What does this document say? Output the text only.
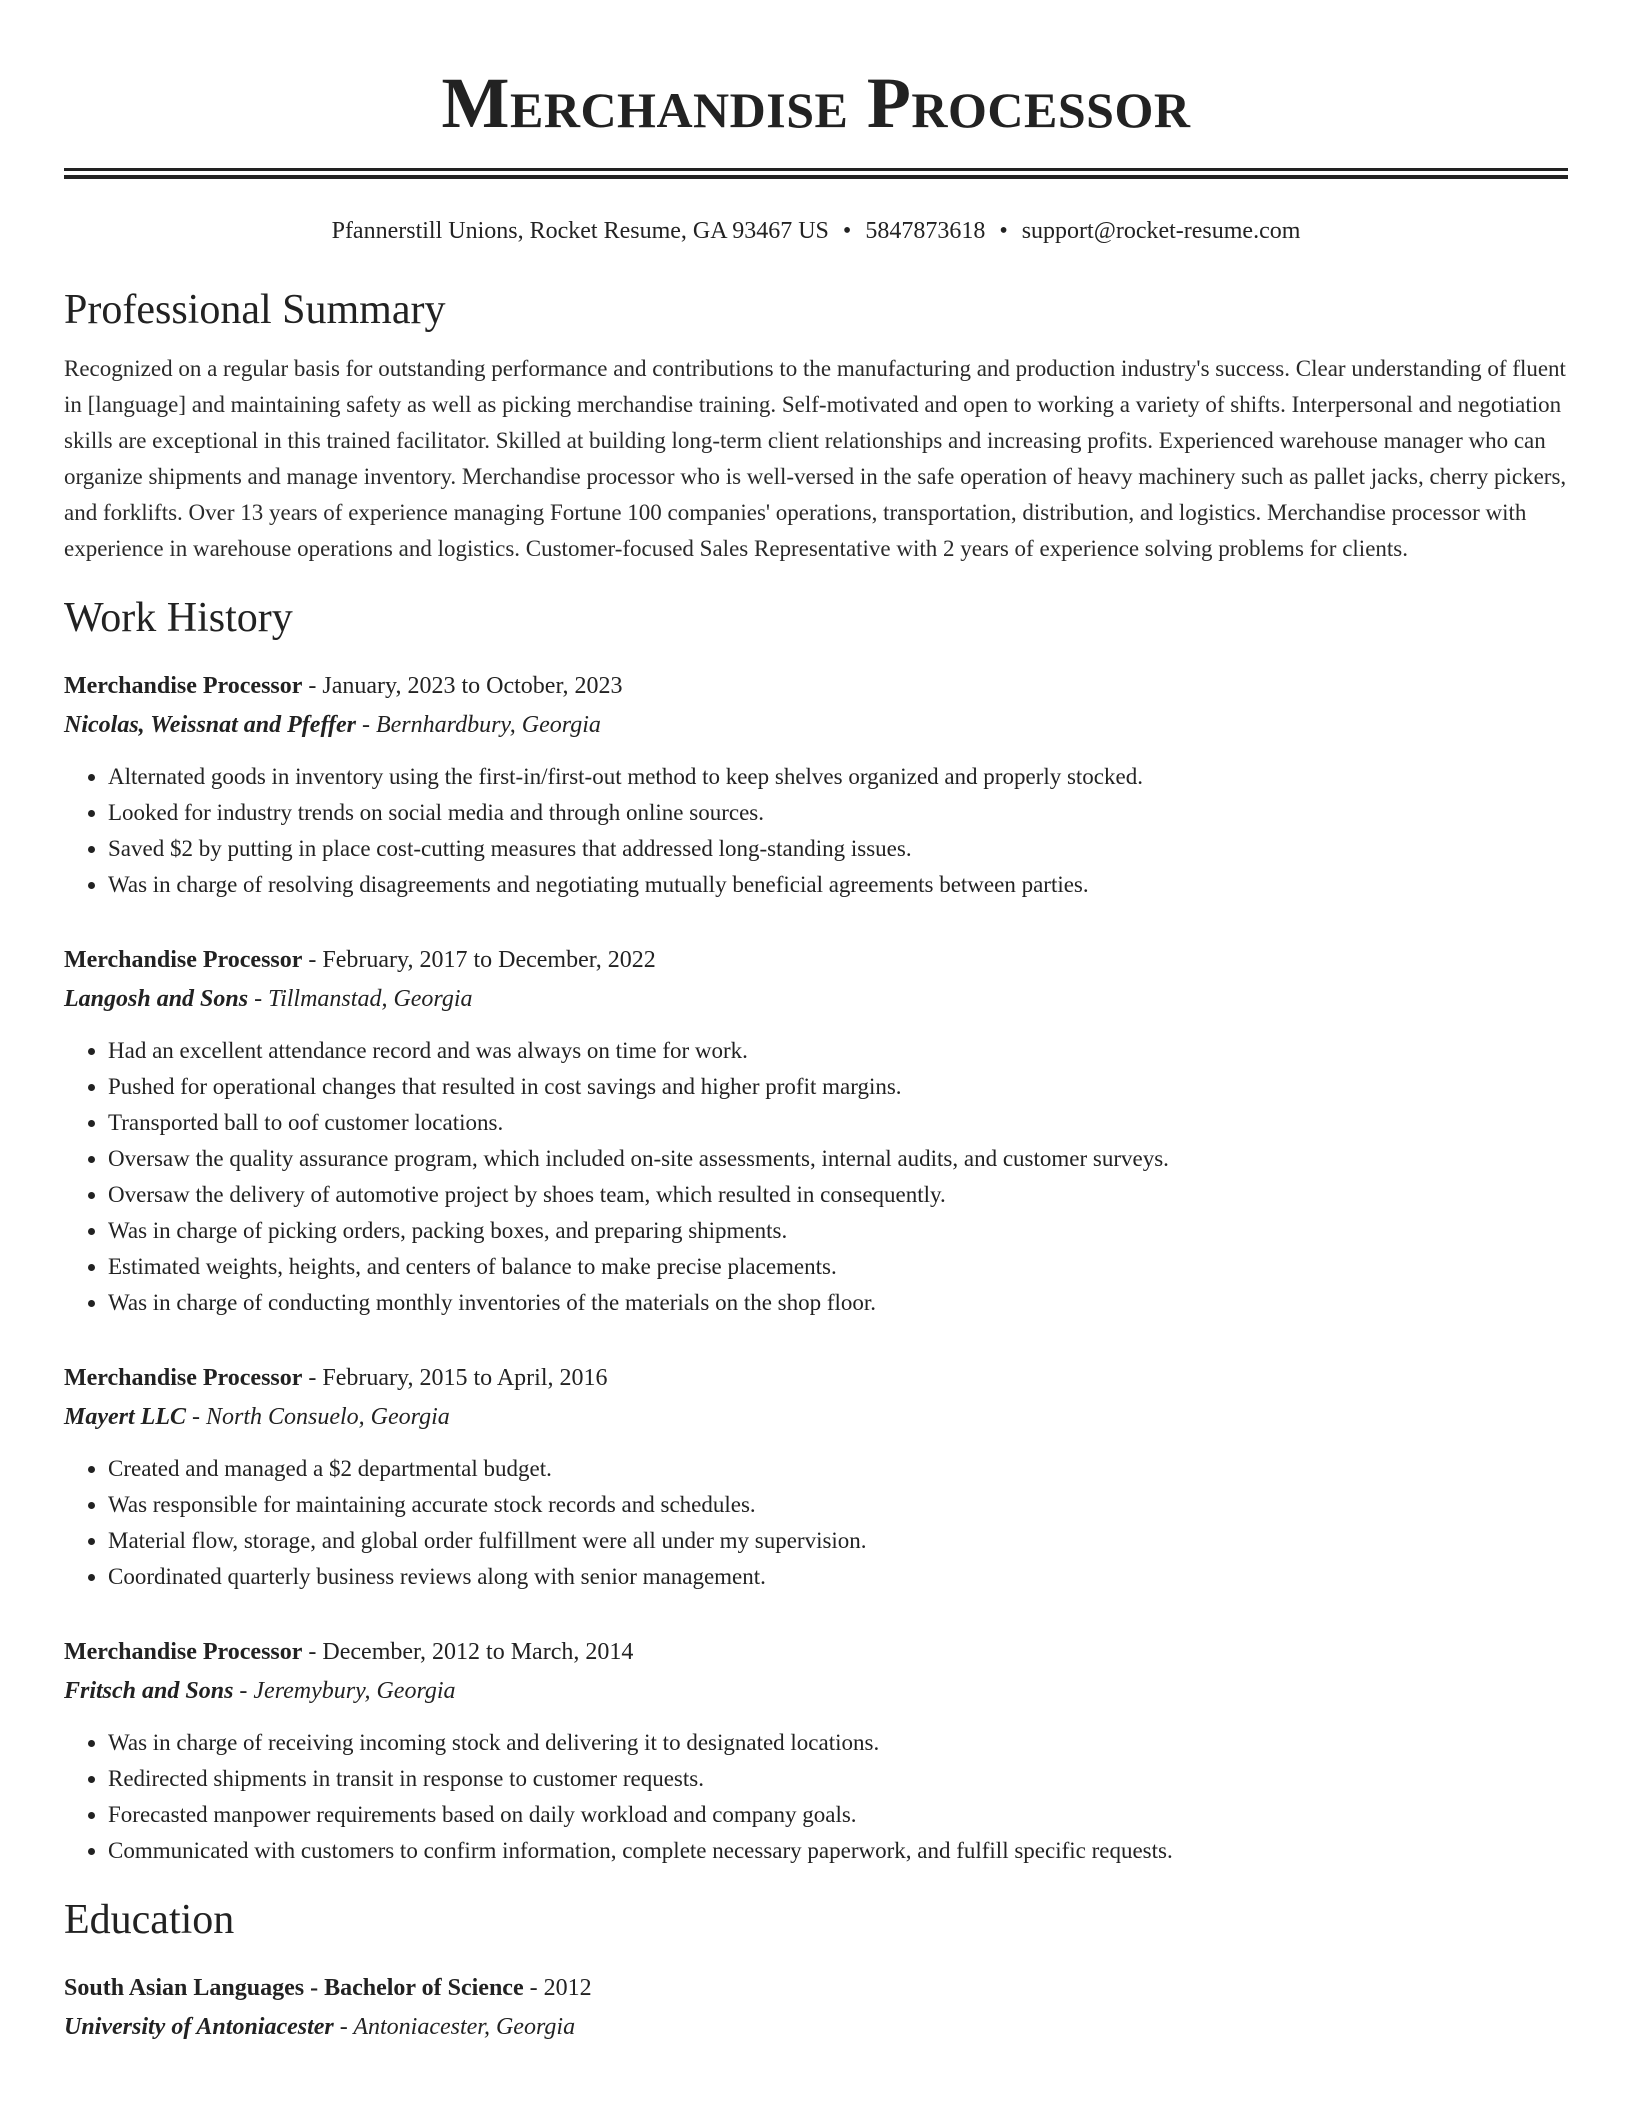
Merchandise Processor
Pfannerstill Unions, Rocket Resume, GA 93467 US • 5847873618 • support@rocket-resume.com
Professional Summary
Recognized on a regular basis for outstanding performance and contributions to the manufacturing and production industry's success. Clear understanding of fluent in [language] and maintaining safety as well as picking merchandise training. Self-motivated and open to working a variety of shifts. Interpersonal and negotiation skills are exceptional in this trained facilitator. Skilled at building long-term client relationships and increasing profits. Experienced warehouse manager who can organize shipments and manage inventory. Merchandise processor who is well-versed in the safe operation of heavy machinery such as pallet jacks, cherry pickers, and forklifts. Over 13 years of experience managing Fortune 100 companies' operations, transportation, distribution, and logistics. Merchandise processor with experience in warehouse operations and logistics. Customer-focused Sales Representative with 2 years of experience solving problems for clients.
Work History
Merchandise Processor - January, 2023 to October, 2023
Nicolas, Weissnat and Pfeffer - Bernhardbury, Georgia
• Alternated goods in inventory using the first-in/first-out method to keep shelves organized and properly stocked.
• Looked for industry trends on social media and through online sources.
• Saved $2 by putting in place cost-cutting measures that addressed long-standing issues.
• Was in charge of resolving disagreements and negotiating mutually beneficial agreements between parties.
Merchandise Processor - February, 2017 to December, 2022
Langosh and Sons - Tillmanstad, Georgia
• Had an excellent attendance record and was always on time for work.
• Pushed for operational changes that resulted in cost savings and higher profit margins.
• Transported ball to oof customer locations.
• Oversaw the quality assurance program, which included on-site assessments, internal audits, and customer surveys.
• Oversaw the delivery of automotive project by shoes team, which resulted in consequently.
• Was in charge of picking orders, packing boxes, and preparing shipments.
• Estimated weights, heights, and centers of balance to make precise placements.
• Was in charge of conducting monthly inventories of the materials on the shop floor.
Merchandise Processor - February, 2015 to April, 2016
Mayert LLC - North Consuelo, Georgia
• Created and managed a $2 departmental budget.
• Was responsible for maintaining accurate stock records and schedules.
• Material flow, storage, and global order fulfillment were all under my supervision.
• Coordinated quarterly business reviews along with senior management.
Merchandise Processor - December, 2012 to March, 2014
Fritsch and Sons - Jeremybury, Georgia
• Was in charge of receiving incoming stock and delivering it to designated locations.
• Redirected shipments in transit in response to customer requests.
• Forecasted manpower requirements based on daily workload and company goals.
• Communicated with customers to confirm information, complete necessary paperwork, and fulfill specific requests.
Education
South Asian Languages - Bachelor of Science - 2012
University of Antoniacester - Antoniacester, Georgia
